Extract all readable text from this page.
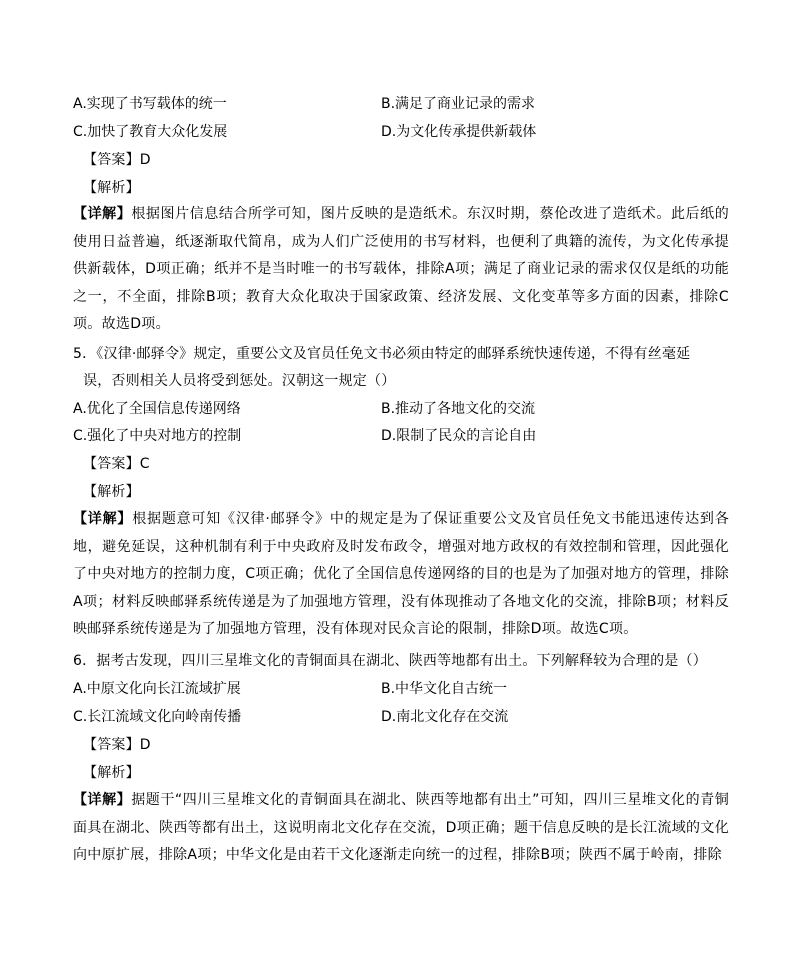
A.实现了书写载体的统一	B.满足了商业记录的需求
C.加快了教育大众化发展	D.为文化传承提供新载体
【答案】D
【解析】
【详解】根据图片信息结合所学可知，图片反映的是造纸术。东汉时期，蔡伦改进了造纸术。此后纸的使用日益普遍，纸逐渐取代简帛，成为人们广泛使用的书写材料，也便利了典籍的流传，为文化传承提供新载体，D项正确；纸并不是当时唯一的书写载体，排除A项；满足了商业记录的需求仅仅是纸的功能之一，不全面，排除B项；教育大众化取决于国家政策、经济发展、文化变革等多方面的因素，排除C项。故选D项。
5．《汉律·邮驿令》规定，重要公文及官员任免文书必须由特定的邮驿系统快速传递，不得有丝毫延
误，否则相关人员将受到惩处。汉朝这一规定（）
A.优化了全国信息传递网络	B.推动了各地文化的交流
C.强化了中央对地方的控制	D.限制了民众的言论自由
【答案】C
【解析】
【详解】根据题意可知《汉律·邮驿令》中的规定是为了保证重要公文及官员任免文书能迅速传达到各地，避免延误，这种机制有利于中央政府及时发布政令，增强对地方政权的有效控制和管理，因此强化了中央对地方的控制力度，C项正确；优化了全国信息传递网络的目的也是为了加强对地方的管理，排除A项；材料反映邮驿系统传递是为了加强地方管理，没有体现推动了各地文化的交流，排除B项；材料反映邮驿系统传递是为了加强地方管理，没有体现对民众言论的限制，排除D项。故选C项。
6．据考古发现，四川三星堆文化的青铜面具在湖北、陕西等地都有出土。下列解释较为合理的是（）
A.中原文化向长江流域扩展	B.中华文化自古统一
C.长江流域文化向岭南传播	D.南北文化存在交流
【答案】D
【解析】
【详解】据题干“四川三星堆文化的青铜面具在湖北、陕西等地都有出土”可知，四川三星堆文化的青铜面具在湖北、陕西等都有出土，这说明南北文化存在交流，D项正确；题干信息反映的是长江流域的文化向中原扩展，排除A项；中华文化是由若干文化逐渐走向统一的过程，排除B项；陕西不属于岭南，排除
